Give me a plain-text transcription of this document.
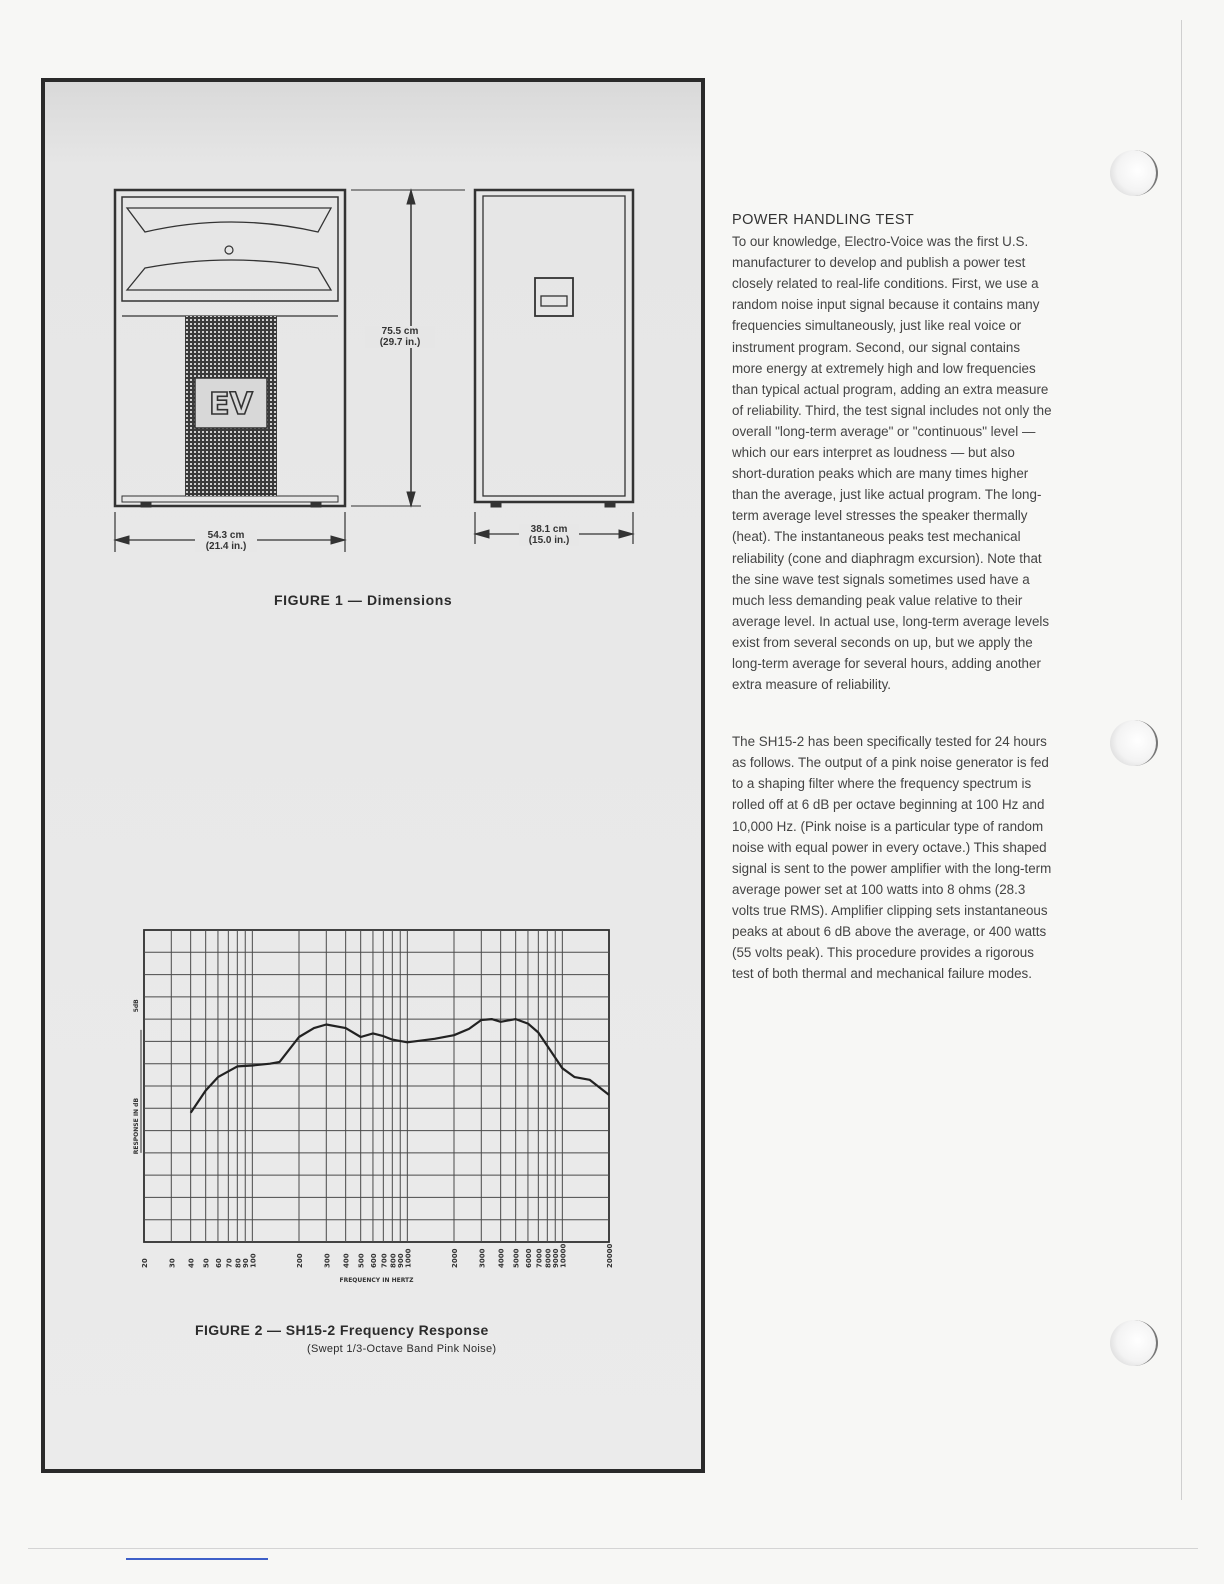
EV
75.5 cm
(29.7 in.)
54.3 cm
(21.4 in.)
38.1 cm
(15.0 in.)
FIGURE 1 — Dimensions
20	30 40 50 60 70 80 90 100	200	300 400 500 600 700 800 900 1000	2000	3000 4000 5000 6000 7000 8000 9000 10000	20000
FREQUENCY IN HERTZ
RESPONSE IN dB
5dB
FIGURE 2 — SH15-2 Frequency Response
(Swept 1/3-Octave Band Pink Noise)
POWER HANDLING TEST

To our knowledge, Electro-Voice was the first U.S. manufacturer to develop and publish a power test closely related to real-life conditions. First, we use a random noise input signal because it contains many frequencies simultaneously, just like real voice or instrument program. Second, our signal contains more energy at extremely high and low frequencies than typical actual program, adding an extra measure of reliability. Third, the test signal includes not only the overall "long-term average" or "continuous" level — which our ears interpret as loudness — but also short-duration peaks which are many times higher than the average, just like actual program. The long-term average level stresses the speaker thermally (heat). The instantaneous peaks test mechanical reliability (cone and diaphragm excursion). Note that the sine wave test signals sometimes used have a much less demanding peak value relative to their average level. In actual use, long-term average levels exist from several seconds on up, but we apply the long-term average for several hours, adding another extra measure of reliability.

The SH15-2 has been specifically tested for 24 hours as follows. The output of a pink noise generator is fed to a shaping filter where the frequency spectrum is rolled off at 6 dB per octave beginning at 100 Hz and 10,000 Hz. (Pink noise is a particular type of random noise with equal power in every octave.) This shaped signal is sent to the power amplifier with the long-term average power set at 100 watts into 8 ohms (28.3 volts true RMS). Amplifier clipping sets instantaneous peaks at about 6 dB above the average, or 400 watts (55 volts peak). This procedure provides a rigorous test of both thermal and mechanical failure modes.
